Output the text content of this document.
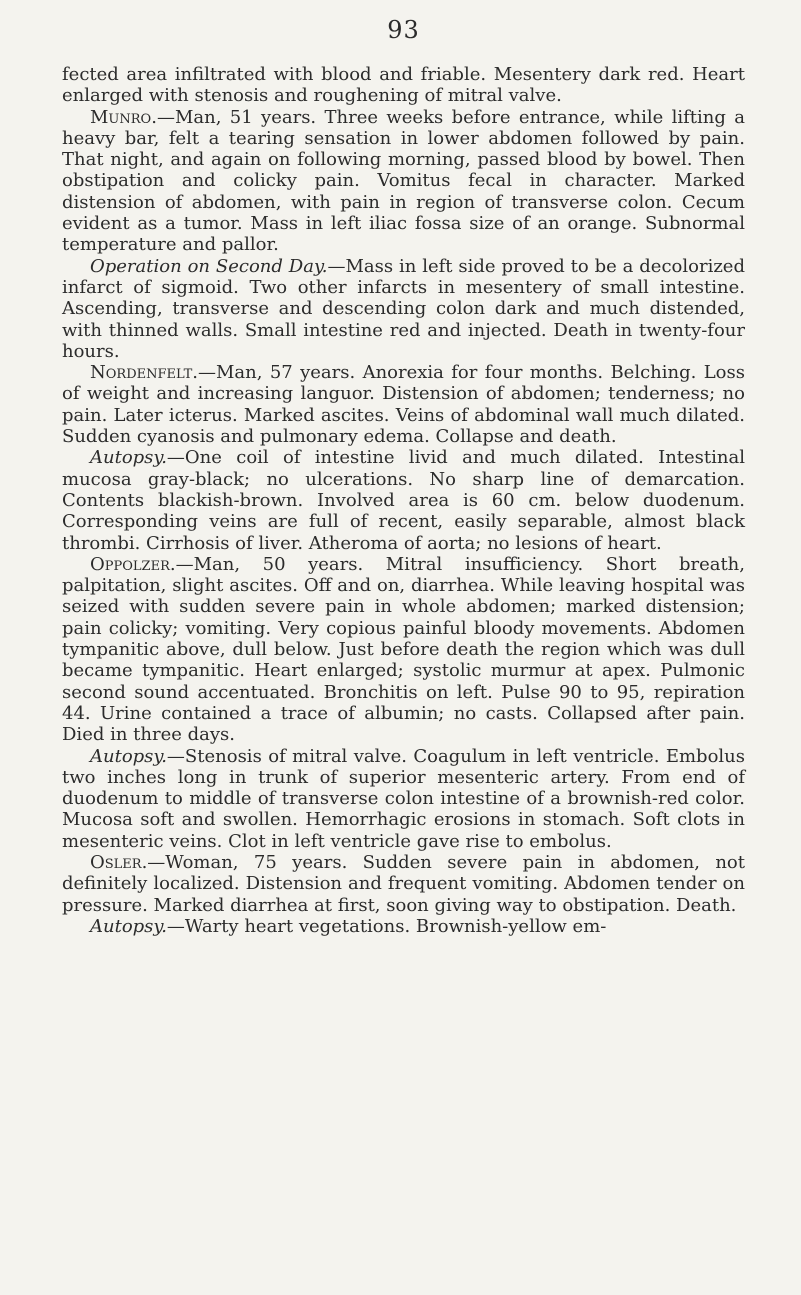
93

fected area infiltrated with blood and friable. Mesentery dark red. Heart enlarged with stenosis and roughening of mitral valve.

Munro.—Man, 51 years. Three weeks before entrance, while lifting a heavy bar, felt a tearing sensation in lower abdomen followed by pain. That night, and again on following morning, passed blood by bowel. Then obstipation and colicky pain. Vomitus fecal in character. Marked distension of abdomen, with pain in region of transverse colon. Cecum evident as a tumor. Mass in left iliac fossa size of an orange. Subnormal temperature and pallor.

Operation on Second Day.—Mass in left side proved to be a decolorized infarct of sigmoid. Two other infarcts in mesentery of small intestine. Ascending, transverse and descending colon dark and much distended, with thinned walls. Small intestine red and injected. Death in twenty-four hours.

Nordenfelt.—Man, 57 years. Anorexia for four months. Belching. Loss of weight and increasing languor. Distension of abdomen; tenderness; no pain. Later icterus. Marked ascites. Veins of abdominal wall much dilated. Sudden cyanosis and pulmonary edema. Collapse and death.

Autopsy.—One coil of intestine livid and much dilated. Intestinal mucosa gray-black; no ulcerations. No sharp line of demarcation. Contents blackish-brown. Involved area is 60 cm. below duodenum. Corresponding veins are full of recent, easily separable, almost black thrombi. Cirrhosis of liver. Atheroma of aorta; no lesions of heart.

Oppolzer.—Man, 50 years. Mitral insufficiency. Short breath, palpitation, slight ascites. Off and on, diarrhea. While leaving hospital was seized with sudden severe pain in whole abdomen; marked distension; pain colicky; vomiting. Very copious painful bloody movements. Abdomen tympanitic above, dull below. Just before death the region which was dull became tympanitic. Heart enlarged; systolic murmur at apex. Pulmonic second sound accentuated. Bronchitis on left. Pulse 90 to 95, repiration 44. Urine contained a trace of albumin; no casts. Collapsed after pain. Died in three days.

Autopsy.—Stenosis of mitral valve. Coagulum in left ventricle. Embolus two inches long in trunk of superior mesenteric artery. From end of duodenum to middle of transverse colon intestine of a brownish-red color. Mucosa soft and swollen. Hemorrhagic erosions in stomach. Soft clots in mesenteric veins. Clot in left ventricle gave rise to embolus.

Osler.—Woman, 75 years. Sudden severe pain in abdomen, not definitely localized. Distension and frequent vomiting. Abdomen tender on pressure. Marked diarrhea at first, soon giving way to obstipation. Death.

Autopsy.—Warty heart vegetations. Brownish-yellow em-
